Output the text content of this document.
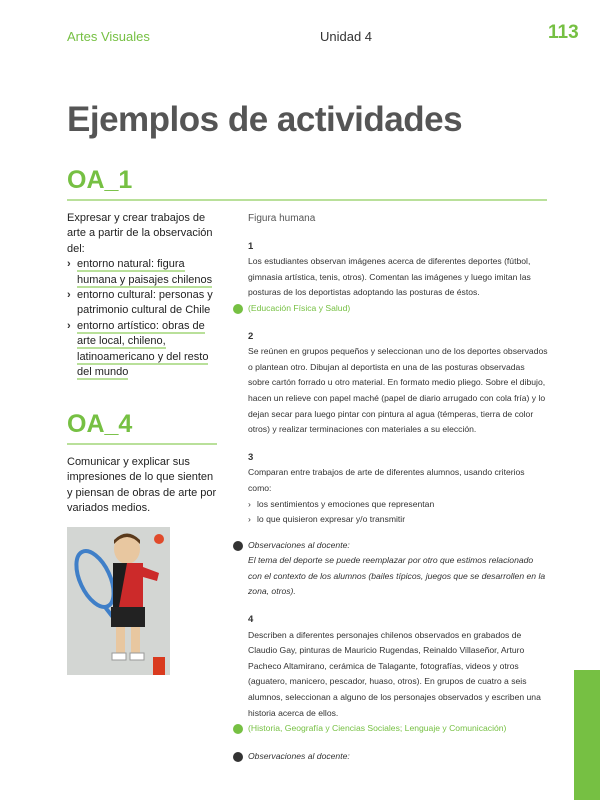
Artes Visuales	Unidad 4	113
Ejemplos de actividades
OA_1

Expresar y crear trabajos de arte a partir de la observación del:

› entorno natural: figura humana y paisajes chilenos
› entorno cultural: personas y patrimonio cultural de Chile
› entorno artístico: obras de arte local, chileno, latinoamericano y del resto del mundo
OA_4

Comunicar y explicar sus impresiones de lo que sienten y piensan de obras de arte por variados medios.

Figura humana

1

Los estudiantes observan imágenes acerca de diferentes deportes (fútbol, gimnasia artística, tenis, otros). Comentan las imágenes y luego imitan las posturas de los deportistas adoptando las posturas de éstos.

(Educación Física y Salud)

2

Se reúnen en grupos pequeños y seleccionan uno de los deportes observados o plantean otro. Dibujan al deportista en una de las posturas observadas sobre cartón forrado u otro material. En formato medio pliego. Sobre el dibujo, hacen un relieve con papel maché (papel de diario arrugado con cola fría) y lo dejan secar para luego pintar con pintura al agua (témperas, tierra de color otros) y realizar terminaciones con materiales a su elección.

3

Comparan entre trabajos de arte de diferentes alumnos, usando criterios como:

› los sentimientos y emociones que representan
› lo que quisieron expresar y/o transmitir

Observaciones al docente:

El tema del deporte se puede reemplazar por otro que estimos relacionado con el contexto de los alumnos (bailes típicos, juegos que se desarrollen en la zona, otros).

4

Describen a diferentes personajes chilenos observados en grabados de Claudio Gay, pinturas de Mauricio Rugendas, Reinaldo Villaseñor, Arturo Pacheco Altamirano, cerámica de Talagante, fotografías, videos y otros (aguatero, manicero, pescador, huaso, otros). En grupos de cuatro a seis alumnos, seleccionan a alguno de los personajes observados y escriben una historia acerca de ellos.

(Historia, Geografía y Ciencias Sociales; Lenguaje y Comunicación)

Observaciones al docente:
